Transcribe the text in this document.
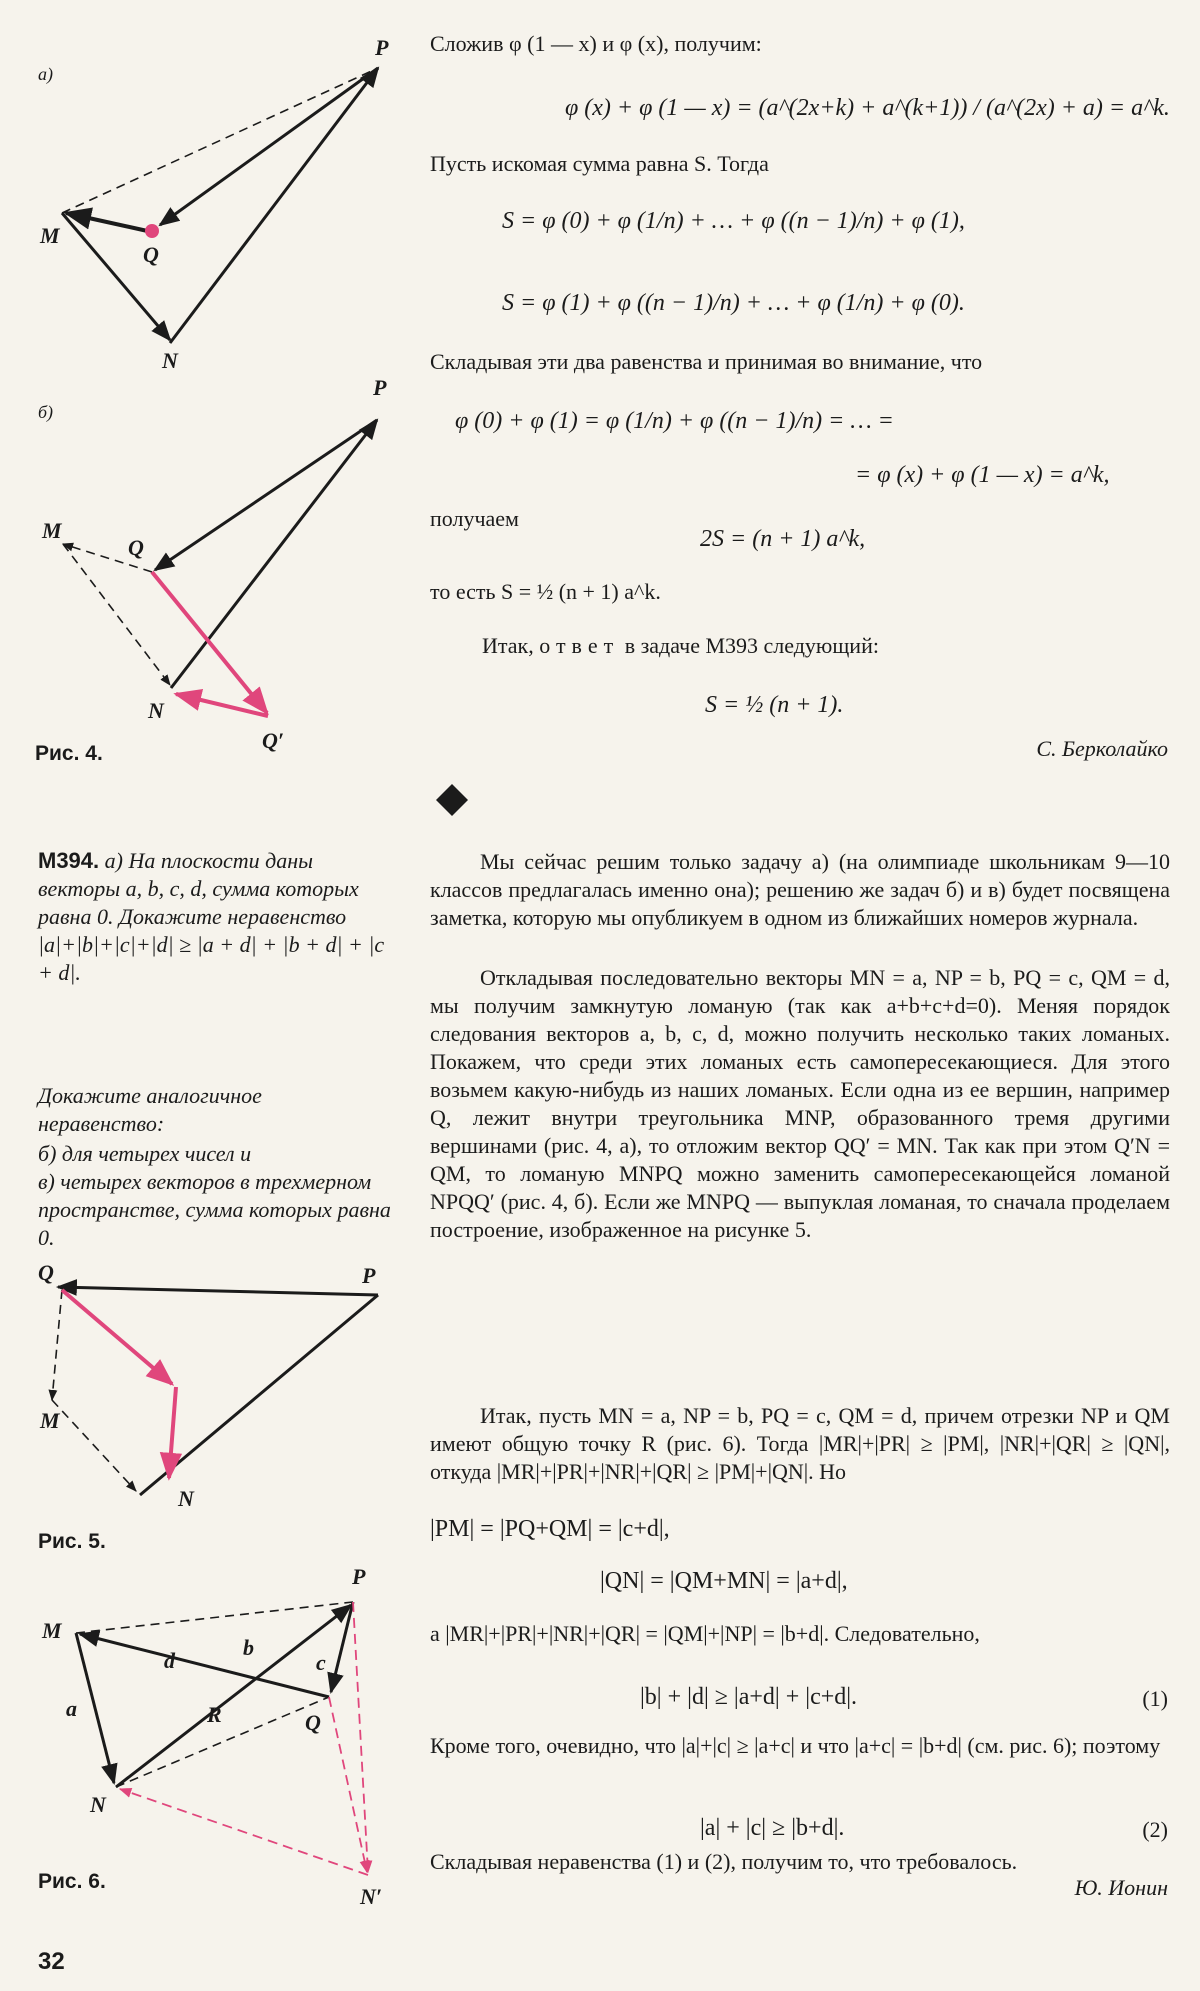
а)
P
M
Q
N
б)
P
M
Q
N
Q′
Q	P
M
N
M
P
Q
N
N′
R
a
b
c
d
Рис. 4.
Рис. 5.
Рис. 6.
Сложив φ (1 — x) и φ (x), получим:
φ (x) + φ (1 — x) = (a^(2x+k) + a^(k+1)) / (a^(2x) + a) = a^k.
Пусть искомая сумма равна S. Тогда
S = φ (0) + φ (1/n) + … + φ ((n − 1)/n) + φ (1),
S = φ (1) + φ ((n − 1)/n) + … + φ (1/n) + φ (0).
Складывая эти два равенства и принимая во внимание, что
φ (0) + φ (1) = φ (1/n) + φ ((n − 1)/n) = … =
= φ (x) + φ (1 — x) = a^k,
получаем
2S = (n + 1) a^k,
то есть S = ½ (n + 1) a^k.
Итак, ответ в задаче М393 следующий:
S = ½ (n + 1).
С. Берколайко
М394. а) На плоскости даны векторы a, b, c, d, сумма которых равна 0. Докажите неравенство |a|+|b|+|c|+|d| ≥ |a + d| + |b + d| + |c + d|.
Докажите аналогичное неравенство:
б) для четырех чисел и
в) четырех векторов в трехмерном пространстве, сумма которых равна 0.
Мы сейчас решим только задачу а) (на олимпиаде школьникам 9—10 классов предлагалась именно она); решению же задач б) и в) будет посвящена заметка, которую мы опубликуем в одном из ближайших номеров журнала.
Откладывая последовательно векторы MN = a, NP = b, PQ = c, QM = d, мы получим замкнутую ломаную (так как a+b+c+d=0). Меняя порядок следования векторов a, b, c, d, можно получить несколько таких ломаных. Покажем, что среди этих ломаных есть самопересекающиеся. Для этого возьмем какую-нибудь из наших ломаных. Если одна из ее вершин, например Q, лежит внутри треугольника MNP, образованного тремя другими вершинами (рис. 4, а), то отложим вектор QQ′ = MN. Так как при этом Q′N = QM, то ломаную MNPQ можно заменить самопересекающейся ломаной NPQQ′ (рис. 4, б). Если же MNPQ — выпуклая ломаная, то сначала проделаем построение, изображенное на рисунке 5.
Итак, пусть MN = a, NP = b, PQ = c, QM = d, причем отрезки NP и QM имеют общую точку R (рис. 6). Тогда |MR|+|PR| ≥ |PM|, |NR|+|QR| ≥ |QN|, откуда |MR|+|PR|+|NR|+|QR| ≥ |PM|+|QN|. Но
|PM| = |PQ+QM| = |c+d|,
|QN| = |QM+MN| = |a+d|,
а |MR|+|PR|+|NR|+|QR| = |QM|+|NP| = |b+d|. Следовательно,
|b| + |d| ≥ |a+d| + |c+d|.	(1)
Кроме того, очевидно, что |a|+|c| ≥ |a+c| и что |a+c| = |b+d| (см. рис. 6); поэтому
|a| + |c| ≥ |b+d|.	(2)
Складывая неравенства (1) и (2), получим то, что требовалось.
Ю. Ионин
32
